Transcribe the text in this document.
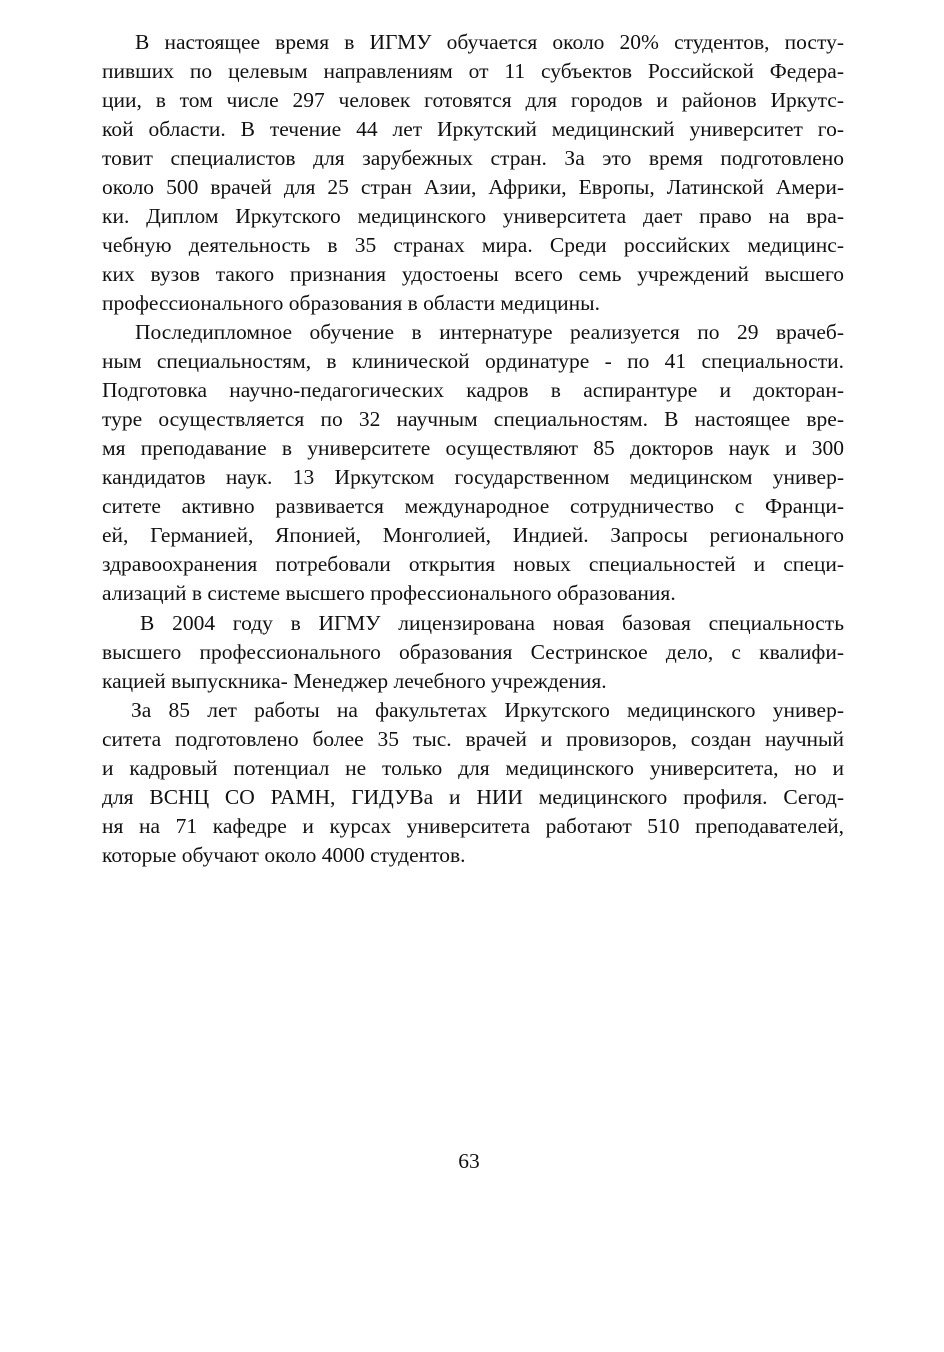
В настоящее время в ИГМУ обучается около 20% студентов, посту-
пивших по целевым направлениям от 11 субъектов Российской Федера-
ции, в том числе 297 человек готовятся для городов и районов Иркутс-
кой области. В течение 44 лет Иркутский медицинский университет го-
товит специалистов для зарубежных стран. За это время подготовлено
около 500 врачей для 25 стран Азии, Африки, Европы, Латинской Амери-
ки. Диплом Иркутского медицинского университета дает право на вра-
чебную деятельность в 35 странах мира. Среди российских медицинс-
ких вузов такого признания удостоены всего семь учреждений высшего
профессионального образования в области медицины.
Последипломное обучение в интернатуре реализуется по 29 врачеб-
ным специальностям, в клинической ординатуре - по 41 специальности.
Подготовка научно-педагогических кадров в аспирантуре и докторан-
туре осуществляется по 32 научным специальностям. В настоящее вре-
мя преподавание в университете осуществляют 85 докторов наук и 300
кандидатов наук. 13 Иркутском государственном медицинском универ-
ситете активно развивается международное сотрудничество с Франци-
ей, Германией, Японией, Монголией, Индией. Запросы регионального
здравоохранения потребовали открытия новых специальностей и специ-
ализаций в системе высшего профессионального образования.
В 2004 году в ИГМУ лицензирована новая базовая специальность
высшего профессионального образования Сестринское дело, с квалифи-
кацией выпускника- Менеджер лечебного учреждения.
За 85 лет работы на факультетах Иркутского медицинского универ-
ситета подготовлено более 35 тыс. врачей и провизоров, создан научный
и кадровый потенциал не только для медицинского университета, но и
для ВСНЦ СО РАМН, ГИДУВа и НИИ медицинского профиля. Сегод-
ня на 71 кафедре и курсах университета работают 510 преподавателей,
которые обучают около 4000 студентов.
63
